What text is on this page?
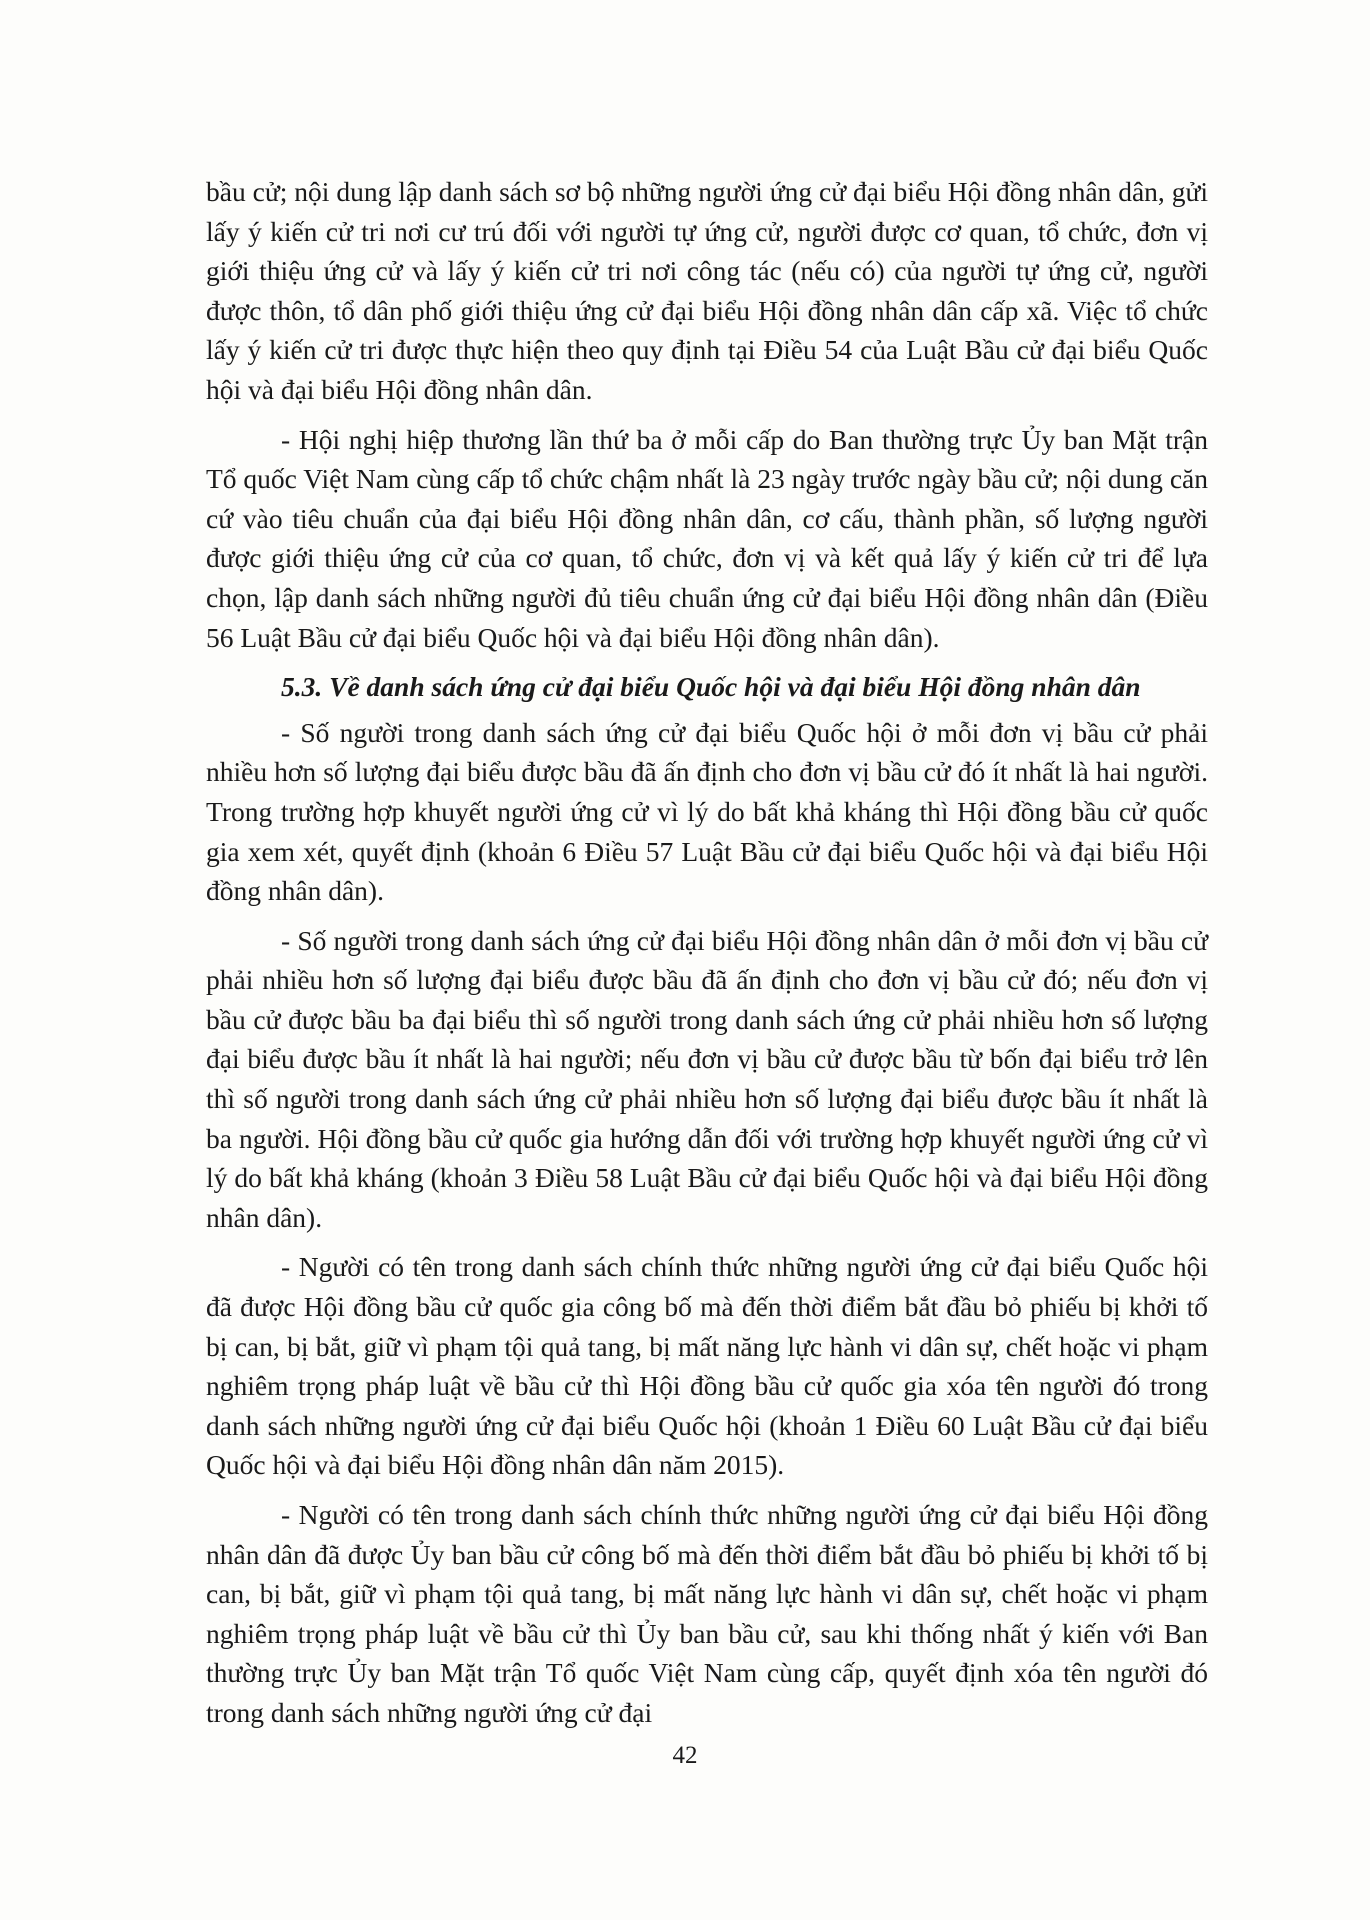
bầu cử; nội dung lập danh sách sơ bộ những người ứng cử đại biểu Hội đồng nhân dân, gửi lấy ý kiến cử tri nơi cư trú đối với người tự ứng cử, người được cơ quan, tổ chức, đơn vị giới thiệu ứng cử và lấy ý kiến cử tri nơi công tác (nếu có) của người tự ứng cử, người được thôn, tổ dân phố giới thiệu ứng cử đại biểu Hội đồng nhân dân cấp xã. Việc tổ chức lấy ý kiến cử tri được thực hiện theo quy định tại Điều 54 của Luật Bầu cử đại biểu Quốc hội và đại biểu Hội đồng nhân dân.

- Hội nghị hiệp thương lần thứ ba ở mỗi cấp do Ban thường trực Ủy ban Mặt trận Tổ quốc Việt Nam cùng cấp tổ chức chậm nhất là 23 ngày trước ngày bầu cử; nội dung căn cứ vào tiêu chuẩn của đại biểu Hội đồng nhân dân, cơ cấu, thành phần, số lượng người được giới thiệu ứng cử của cơ quan, tổ chức, đơn vị và kết quả lấy ý kiến cử tri để lựa chọn, lập danh sách những người đủ tiêu chuẩn ứng cử đại biểu Hội đồng nhân dân (Điều 56 Luật Bầu cử đại biểu Quốc hội và đại biểu Hội đồng nhân dân).

5.3. Về danh sách ứng cử đại biểu Quốc hội và đại biểu Hội đồng nhân dân

- Số người trong danh sách ứng cử đại biểu Quốc hội ở mỗi đơn vị bầu cử phải nhiều hơn số lượng đại biểu được bầu đã ấn định cho đơn vị bầu cử đó ít nhất là hai người. Trong trường hợp khuyết người ứng cử vì lý do bất khả kháng thì Hội đồng bầu cử quốc gia xem xét, quyết định (khoản 6 Điều 57 Luật Bầu cử đại biểu Quốc hội và đại biểu Hội đồng nhân dân).

- Số người trong danh sách ứng cử đại biểu Hội đồng nhân dân ở mỗi đơn vị bầu cử phải nhiều hơn số lượng đại biểu được bầu đã ấn định cho đơn vị bầu cử đó; nếu đơn vị bầu cử được bầu ba đại biểu thì số người trong danh sách ứng cử phải nhiều hơn số lượng đại biểu được bầu ít nhất là hai người; nếu đơn vị bầu cử được bầu từ bốn đại biểu trở lên thì số người trong danh sách ứng cử phải nhiều hơn số lượng đại biểu được bầu ít nhất là ba người. Hội đồng bầu cử quốc gia hướng dẫn đối với trường hợp khuyết người ứng cử vì lý do bất khả kháng (khoản 3 Điều 58 Luật Bầu cử đại biểu Quốc hội và đại biểu Hội đồng nhân dân).

- Người có tên trong danh sách chính thức những người ứng cử đại biểu Quốc hội đã được Hội đồng bầu cử quốc gia công bố mà đến thời điểm bắt đầu bỏ phiếu bị khởi tố bị can, bị bắt, giữ vì phạm tội quả tang, bị mất năng lực hành vi dân sự, chết hoặc vi phạm nghiêm trọng pháp luật về bầu cử thì Hội đồng bầu cử quốc gia xóa tên người đó trong danh sách những người ứng cử đại biểu Quốc hội (khoản 1 Điều 60 Luật Bầu cử đại biểu Quốc hội và đại biểu Hội đồng nhân dân năm 2015).

- Người có tên trong danh sách chính thức những người ứng cử đại biểu Hội đồng nhân dân đã được Ủy ban bầu cử công bố mà đến thời điểm bắt đầu bỏ phiếu bị khởi tố bị can, bị bắt, giữ vì phạm tội quả tang, bị mất năng lực hành vi dân sự, chết hoặc vi phạm nghiêm trọng pháp luật về bầu cử thì Ủy ban bầu cử, sau khi thống nhất ý kiến với Ban thường trực Ủy ban Mặt trận Tổ quốc Việt Nam cùng cấp, quyết định xóa tên người đó trong danh sách những người ứng cử đại

42
